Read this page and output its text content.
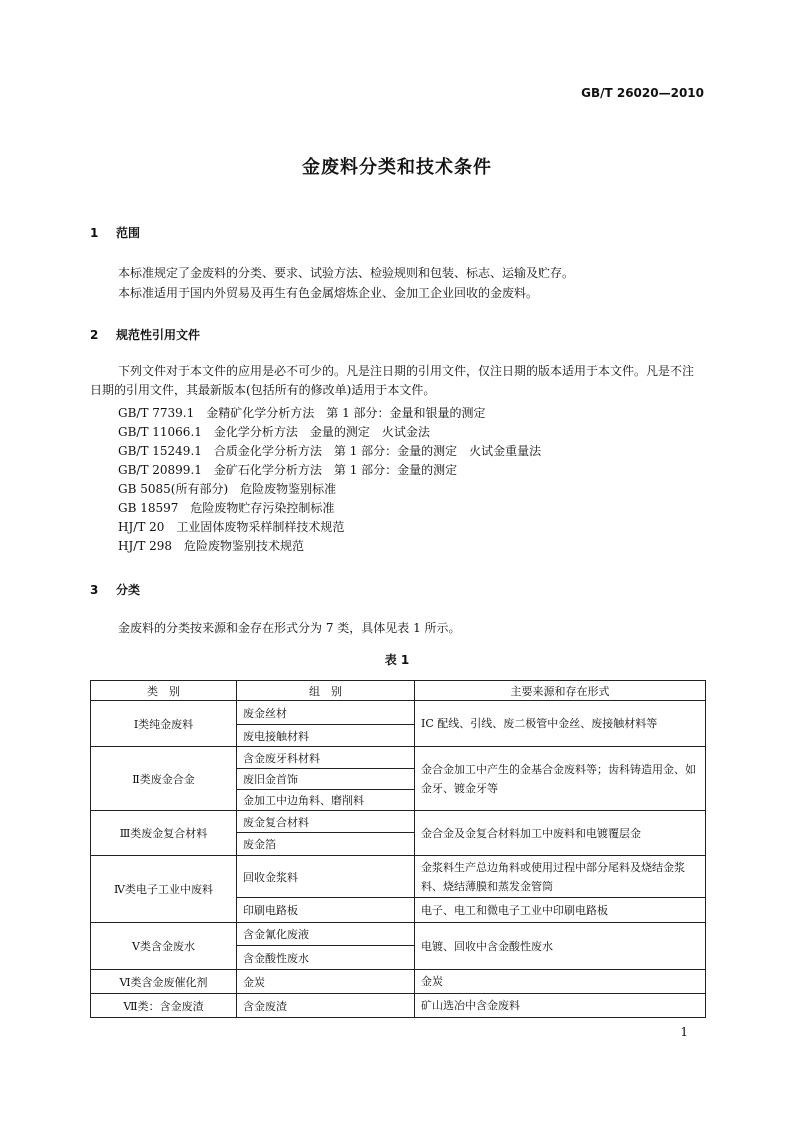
GB/T 26020—2010
金废料分类和技术条件
1 范围
本标准规定了金废料的分类、要求、试验方法、检验规则和包装、标志、运输及贮存。
本标准适用于国内外贸易及再生有色金属熔炼企业、金加工企业回收的金废料。
2 规范性引用文件
下列文件对于本文件的应用是必不可少的。凡是注日期的引用文件，仅注日期的版本适用于本文件。凡是不注日期的引用文件，其最新版本(包括所有的修改单)适用于本文件。
GB/T 7739.1　金精矿化学分析方法　第 1 部分：金量和银量的测定
GB/T 11066.1　金化学分析方法　金量的测定　火试金法
GB/T 15249.1　合质金化学分析方法　第 1 部分：金量的测定　火试金重量法
GB/T 20899.1　金矿石化学分析方法　第 1 部分：金量的测定
GB 5085(所有部分)　危险废物鉴别标准
GB 18597　危险废物贮存污染控制标准
HJ/T 20　工业固体废物采样制样技术规范
HJ/T 298　危险废物鉴别技术规范
3 分类
金废料的分类按来源和金存在形式分为 7 类，具体见表 1 所示。
表 1
类　别	组　别	主要来源和存在形式
Ⅰ类纯金废料	废金丝材	IC 配线、引线、废二极管中金丝、废接触材料等
	废电接触材料	
Ⅱ类废金合金	含金废牙科材料	金合金加工中产生的金基合金废料等；齿科铸造用金、如金牙、镀金牙等
	废旧金首饰	
	金加工中边角料、磨削料	
Ⅲ类废金复合材料	废金复合材料	金合金及金复合材料加工中废料和电镀覆层金
	废金箔	
Ⅳ类电子工业中废料	回收金浆料	金浆料生产总边角料或使用过程中部分尾料及烧结金浆料、烧结薄膜和蒸发金管筒
	印刷电路板	电子、电工和微电子工业中印刷电路板
Ⅴ类含金废水	含金氰化废液	电镀、回收中含金酸性废水
	含金酸性废水	
Ⅵ类含金废催化剂	金炭	金炭
Ⅶ类：含金废渣	含金废渣	矿山选冶中含金废料
1
